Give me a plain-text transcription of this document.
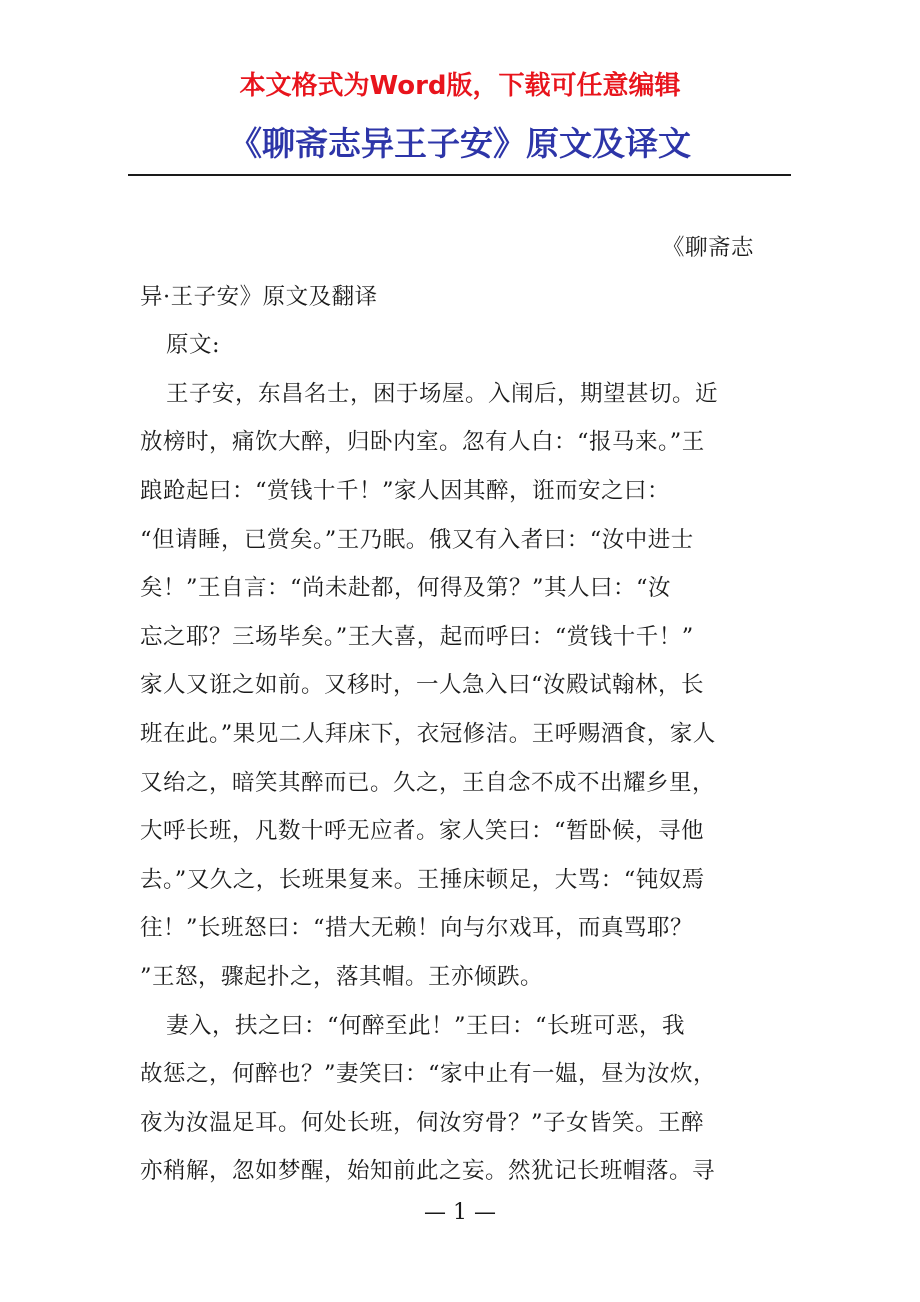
本文格式为Word版，下载可任意编辑
《聊斋志异王子安》原文及译文

《聊斋志

异·王子安》原文及翻译

原文:

王子安，东昌名士，困于场屋。入闱后，期望甚切。近

放榜时，痛饮大醉，归卧内室。忽有人白：“报马来。”王

踉跄起曰：“赏钱十千！”家人因其醉，诳而安之曰：

“但请睡，已赏矣。”王乃眠。俄又有入者曰：“汝中进士

矣！”王自言：“尚未赴都，何得及第？”其人曰：“汝

忘之耶？三场毕矣。”王大喜，起而呼曰：“赏钱十千！”

家人又诳之如前。又移时，一人急入曰“汝殿试翰林，长

班在此。”果见二人拜床下，衣冠修洁。王呼赐酒食，家人

又绐之，暗笑其醉而已。久之，王自念不成不出耀乡里，

大呼长班，凡数十呼无应者。家人笑曰：“暂卧候，寻他

去。”又久之，长班果复来。王捶床顿足，大骂：“钝奴焉

往！”长班怒曰：“措大无赖！向与尔戏耳，而真骂耶？

”王怒，骤起扑之，落其帽。王亦倾跌。

妻入，扶之曰：“何醉至此！”王曰：“长班可恶，我

故惩之，何醉也？”妻笑曰：“家中止有一媪，昼为汝炊，

夜为汝温足耳。何处长班，伺汝穷骨？”子女皆笑。王醉

亦稍解，忽如梦醒，始知前此之妄。然犹记长班帽落。寻

— 1 —
